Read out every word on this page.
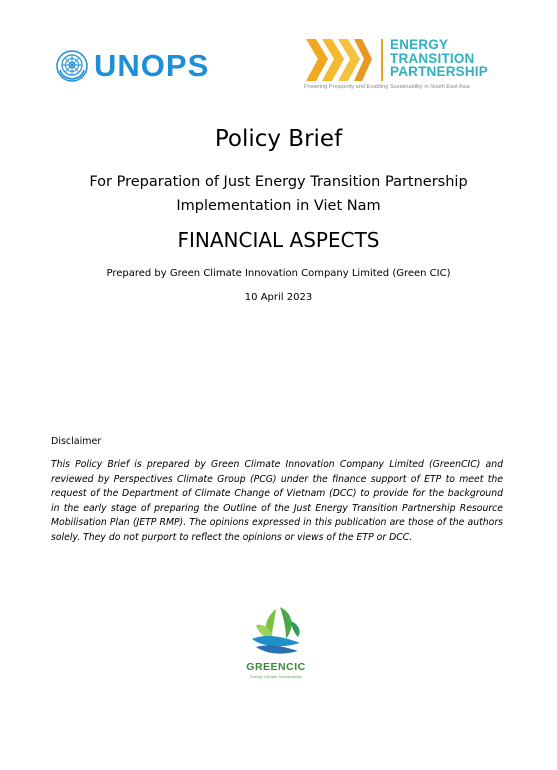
UNOPS
ENERGY
TRANSITION
PARTNERSHIP
Powering Prosperity and Enabling Sustainability in South East Asia
Policy Brief
For Preparation of Just Energy Transition Partnership
Implementation in Viet Nam
FINANCIAL ASPECTS
Prepared by Green Climate Innovation Company Limited (Green CIC)
10 April 2023
Disclaimer
This Policy Brief is prepared by Green Climate Innovation Company Limited (GreenCIC) and reviewed by Perspectives Climate Group (PCG) under the finance support of ETP to meet the request of the Department of Climate Change of Vietnam (DCC) to provide for the background in the early stage of preparing the Outline of the Just Energy Transition Partnership Resource Mobilisation Plan (JETP RMP). The opinions expressed in this publication are those of the authors solely. They do not purport to reflect the opinions or views of the ETP or DCC.
GREENCIC
Energy Climate Sustainability
